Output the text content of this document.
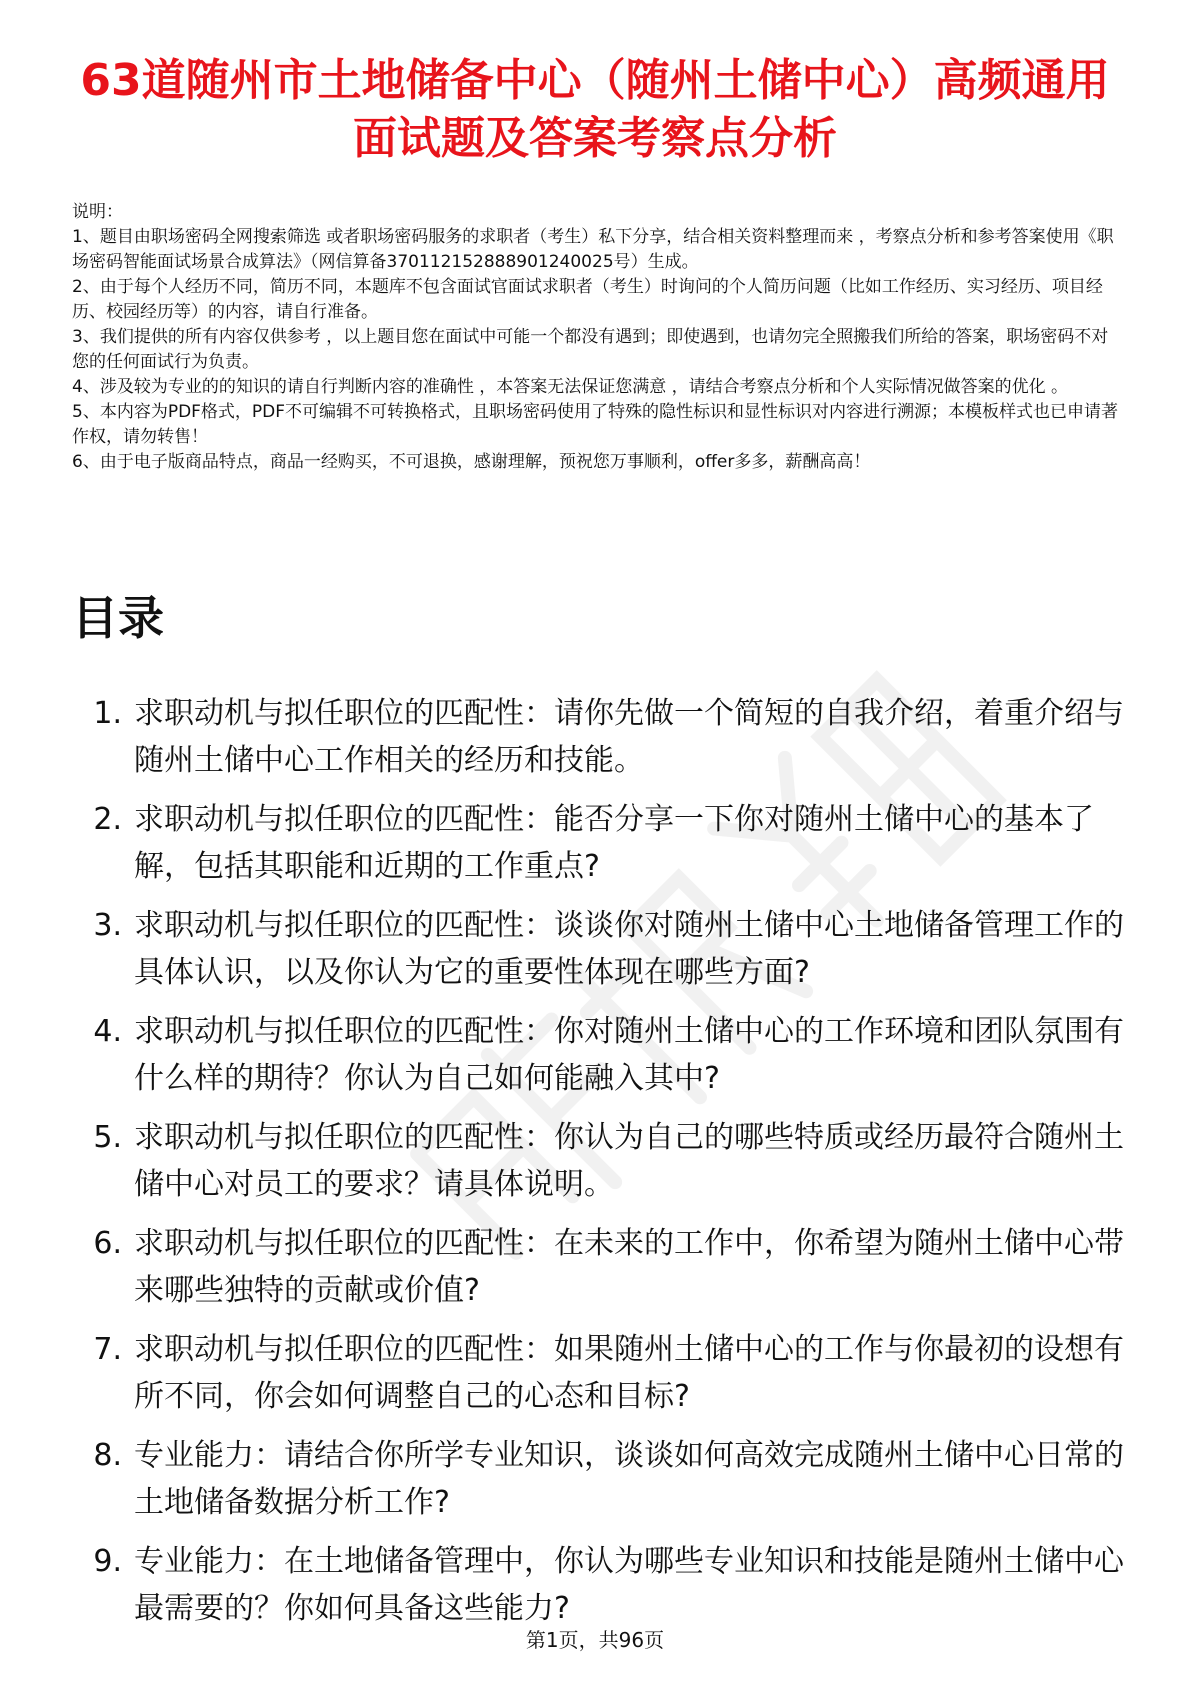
63道随州市土地储备中心（随州土储中心）高频通用面试题及答案考察点分析

说明：

1、题目由职场密码全网搜索筛选 或者职场密码服务的求职者（考生）私下分享，结合相关资料整理而来 ，考察点分析和参考答案使用《职场密码智能面试场景合成算法》（网信算备370112152888901240025号）生成。

2、由于每个人经历不同，简历不同，本题库不包含面试官面试求职者（考生）时询问的个人简历问题（比如工作经历、实习经历、项目经历、校园经历等）的内容，请自行准备。

3、我们提供的所有内容仅供参考 ，以上题目您在面试中可能一个都没有遇到；即使遇到，也请勿完全照搬我们所给的答案，职场密码不对您的任何面试行为负责。

4、涉及较为专业的的知识的请自行判断内容的准确性 ，本答案无法保证您满意 ，请结合考察点分析和个人实际情况做答案的优化 。

5、本内容为PDF格式，PDF不可编辑不可转换格式，且职场密码使用了特殊的隐性标识和显性标识对内容进行溯源；本模板样式也已申请著作权，请勿转售！

6、由于电子版商品特点，商品一经购买，不可退换，感谢理解，预祝您万事顺利，offer多多，薪酬高高！

目录
1. 求职动机与拟任职位的匹配性：请你先做一个简短的自我介绍，着重介绍与随州土储中心工作相关的经历和技能。
2. 求职动机与拟任职位的匹配性：能否分享一下你对随州土储中心的基本了解，包括其职能和近期的工作重点?
3. 求职动机与拟任职位的匹配性：谈谈你对随州土储中心土地储备管理工作的具体认识，以及你认为它的重要性体现在哪些方面?
4. 求职动机与拟任职位的匹配性：你对随州土储中心的工作环境和团队氛围有什么样的期待？你认为自己如何能融入其中?
5. 求职动机与拟任职位的匹配性：你认为自己的哪些特质或经历最符合随州土储中心对员工的要求？请具体说明。
6. 求职动机与拟任职位的匹配性：在未来的工作中，你希望为随州土储中心带来哪些独特的贡献或价值?
7. 求职动机与拟任职位的匹配性：如果随州土储中心的工作与你最初的设想有所不同，你会如何调整自己的心态和目标?
8. 专业能力：请结合你所学专业知识，谈谈如何高效完成随州土储中心日常的土地储备数据分析工作?
9. 专业能力：在土地储备管理中，你认为哪些专业知识和技能是随州土储中心最需要的？你如何具备这些能力?
第1页，共96页
